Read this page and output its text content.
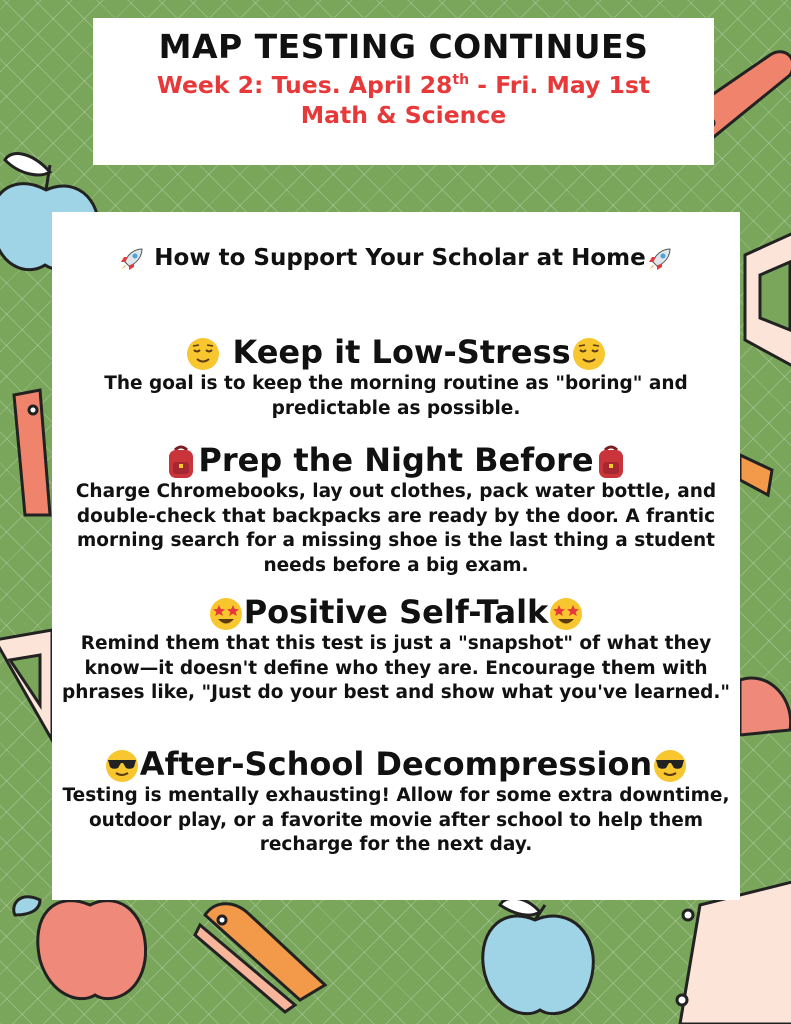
MAP TESTING CONTINUES
Week 2: Tues. April 28th - Fri. May 1st
Math & Science
How to Support Your Scholar at Home
Keep it Low-Stress

The goal is to keep the morning routine as "boring" and predictable as possible.

Prep the Night Before

Charge Chromebooks, lay out clothes, pack water bottle, and double-check that backpacks are ready by the door. A frantic morning search for a missing shoe is the last thing a student needs before a big exam.

Positive Self-Talk

Remind them that this test is just a "snapshot" of what they know—it doesn't define who they are. Encourage them with phrases like, "Just do your best and show what you've learned."

After-School Decompression

Testing is mentally exhausting! Allow for some extra downtime, outdoor play, or a favorite movie after school to help them recharge for the next day.
